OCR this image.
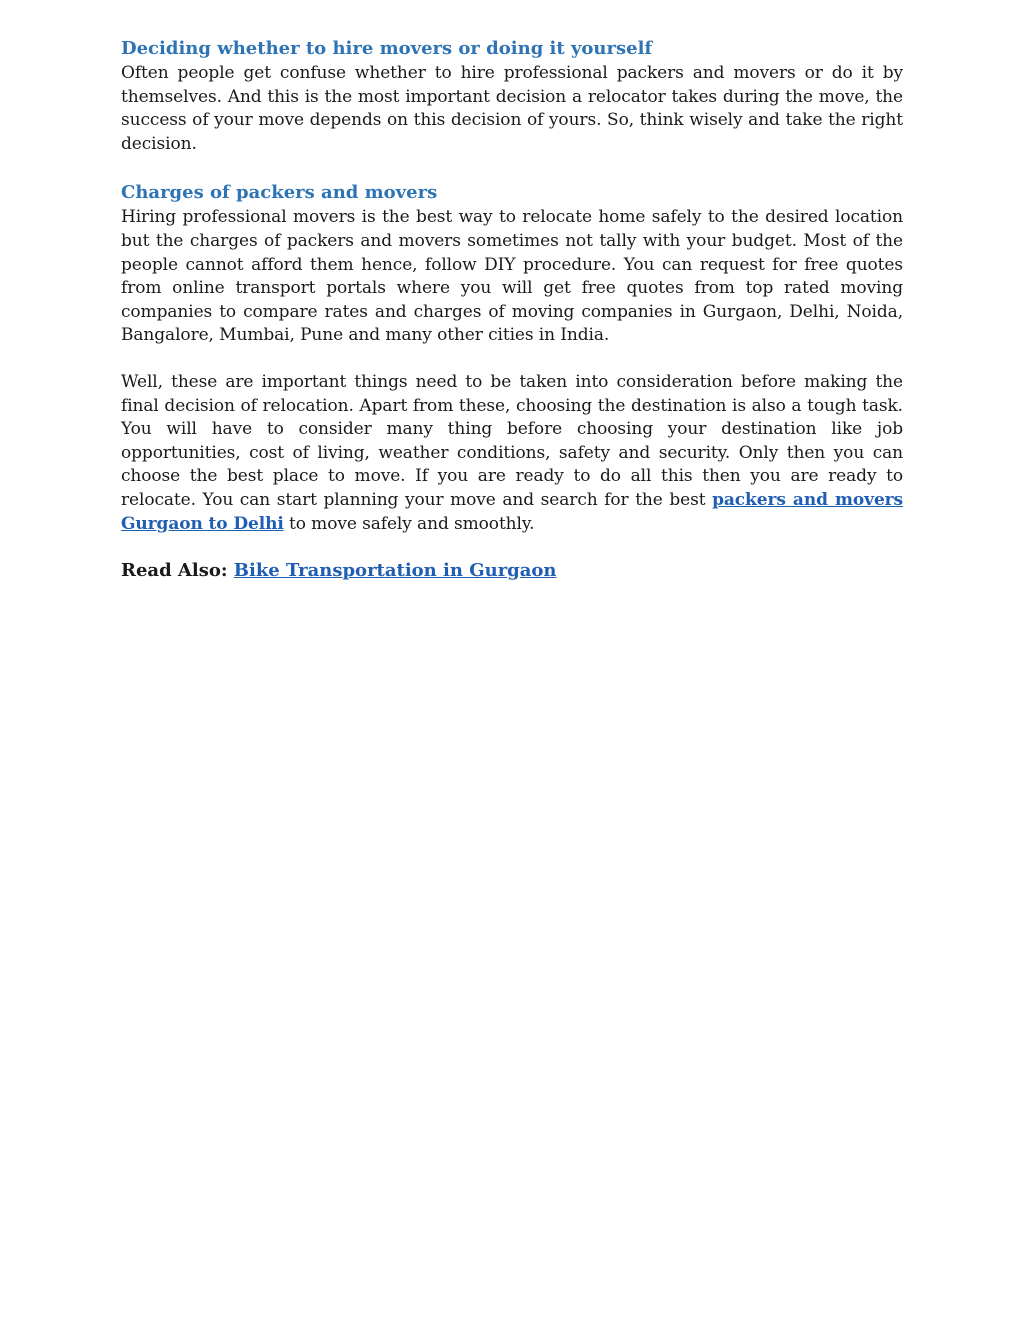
Deciding whether to hire movers or doing it yourself

Often people get confuse whether to hire professional packers and movers or do it by themselves. And this is the most important decision a relocator takes during the move, the success of your move depends on this decision of yours. So, think wisely and take the right decision.

Charges of packers and movers

Hiring professional movers is the best way to relocate home safely to the desired location but the charges of packers and movers sometimes not tally with your budget. Most of the people cannot afford them hence, follow DIY procedure. You can request for free quotes from online transport portals where you will get free quotes from top rated moving companies to compare rates and charges of moving companies in Gurgaon, Delhi, Noida, Bangalore, Mumbai, Pune and many other cities in India.

Well, these are important things need to be taken into consideration before making the final decision of relocation. Apart from these, choosing the destination is also a tough task. You will have to consider many thing before choosing your destination like job opportunities, cost of living, weather conditions, safety and security. Only then you can choose the best place to move. If you are ready to do all this then you are ready to relocate. You can start planning your move and search for the best packers and movers Gurgaon to Delhi to move safely and smoothly.

Read Also: Bike Transportation in Gurgaon
